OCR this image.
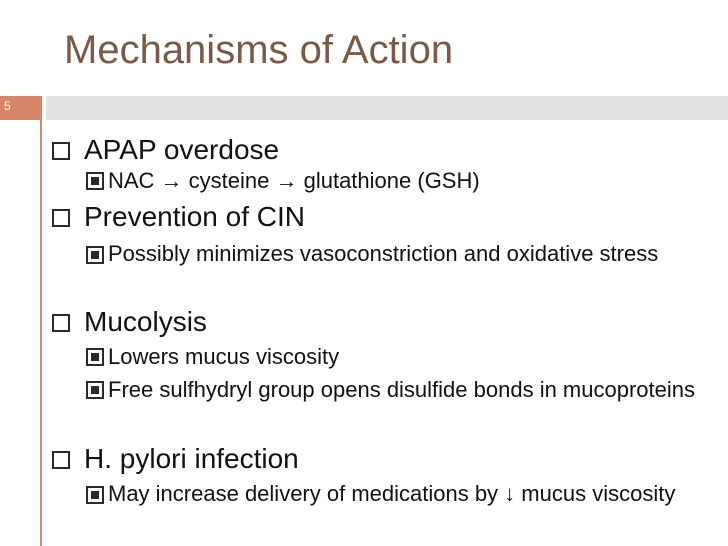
Mechanisms of Action
5
APAP overdose
NAC → cysteine → glutathione (GSH)
Prevention of CIN
Possibly minimizes vasoconstriction and oxidative stress
Mucolysis
Lowers mucus viscosity
Free sulfhydryl group opens disulfide bonds in mucoproteins
H. pylori infection
May increase delivery of medications by ↓ mucus viscosity
